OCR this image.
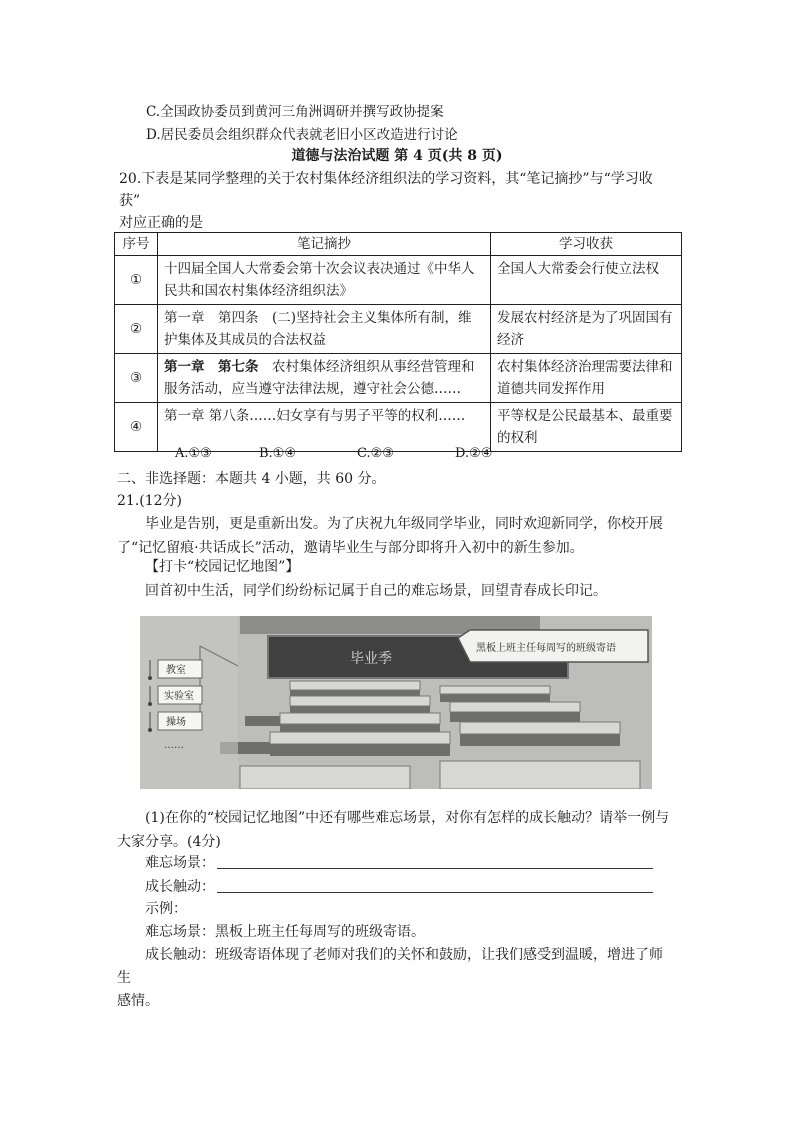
C.全国政协委员到黄河三角洲调研并撰写政协提案
D.居民委员会组织群众代表就老旧小区改造进行讨论
道德与法治试题 第 4 页(共 8 页)
20.下表是某同学整理的关于农村集体经济组织法的学习资料，其“笔记摘抄”与“学习收
获”
对应正确的是
序号	笔记摘抄	学习收获
①	十四届全国人大常委会第十次会议表决通过《中华人民共和国农村集体经济组织法》	全国人大常委会行使立法权
②	第一章　第四条　(二)坚持社会主义集体所有制，维护集体及其成员的合法权益	发展农村经济是为了巩固国有经济
③	第一章　第七条　农村集体经济组织从事经营管理和服务活动，应当遵守法律法规，遵守社会公德……	农村集体经济治理需要法律和道德共同发挥作用
④	第一章 第八条……妇女享有与男子平等的权利……	平等权是公民最基本、最重要的权利
A.①③	B.①④	C.②③	D.②④
二、非选择题：本题共 4 小题，共 60 分。
21.(12分)
毕业是告别，更是重新出发。为了庆祝九年级同学毕业，同时欢迎新同学，你校开展了“记忆留痕·共话成长”活动，邀请毕业生与部分即将升入初中的新生参加。
【打卡“校园记忆地图”】
回首初中生活，同学们纷纷标记属于自己的难忘场景，回望青春成长印记。
毕业季
黑板上班主任每周写的班级寄语
教室
实验室
操场
……
(1)在你的“校园记忆地图”中还有哪些难忘场景，对你有怎样的成长触动？请举一例与大家分享。(4分)
难忘场景：
成长触动：
示例：
难忘场景：黑板上班主任每周写的班级寄语。
成长触动：班级寄语体现了老师对我们的关怀和鼓励，让我们感受到温暖，增进了师
生
感情。
